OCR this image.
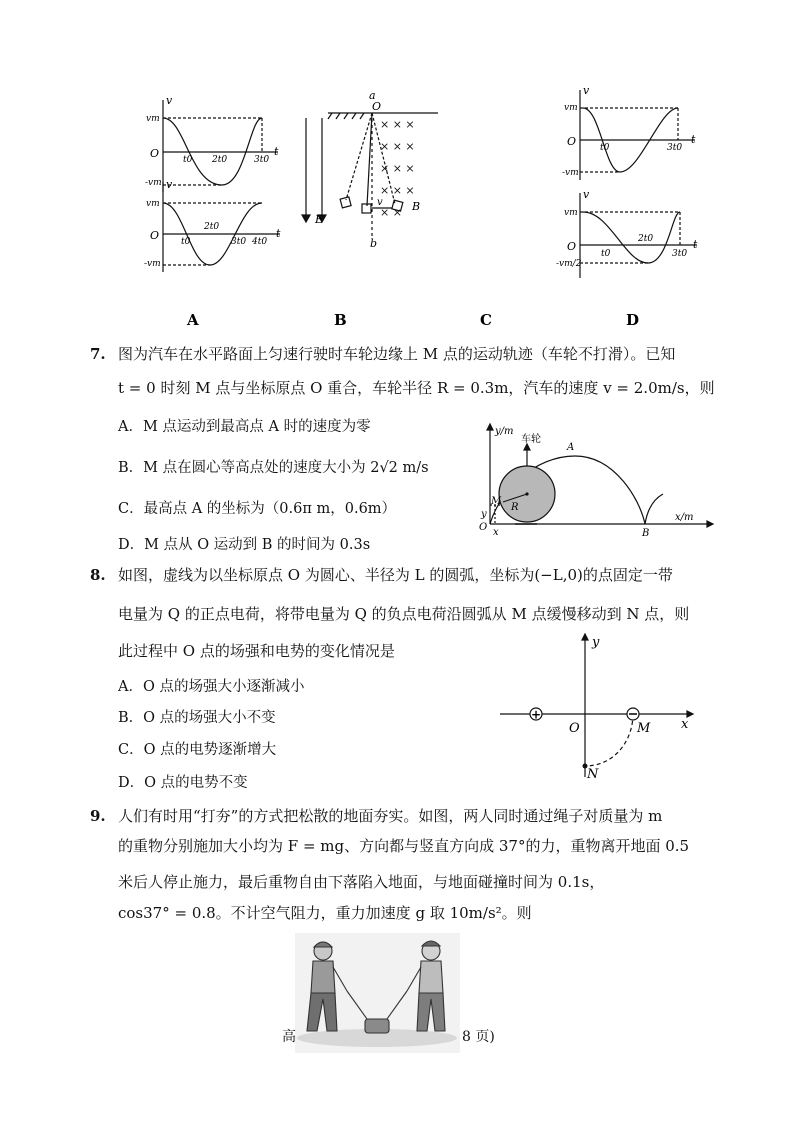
v
vm
O
-vm
t0 2t0	3t0
t
v
vm
O
-vm
t0
2t0
3t0 4t0
t
× × ×
× × ×
× × ×
× × ×
× ×
a
O
E
b
v	B
v
vm
O
-vm
t0	3t0
t
v
vm
O
-vm/2
t0
2t0
3t0
t
A	B	C	D
7. 图为汽车在水平路面上匀速行驶时车轮边缘上 M 点的运动轨迹（车轮不打滑）。已知
t = 0 时刻 M 点与坐标原点 O 重合，车轮半径 R = 0.3m，汽车的速度 v = 2.0m/s，则
A．M 点运动到最高点 A 时的速度为零
B．M 点在圆心等高点处的速度大小为 2√2 m/s
C．最高点 A 的坐标为（0.6π m，0.6m）
D．M 点从 O 运动到 B 的时间为 0.3s
y/m
车轮
A
M
R
y
O x	B
x/m
8. 如图，虚线为以坐标原点 O 为圆心、半径为 L 的圆弧，坐标为(−L,0)的点固定一带
电量为 Q 的正点电荷，将带电量为 Q 的负点电荷沿圆弧从 M 点缓慢移动到 N 点，则
此过程中 O 点的场强和电势的变化情况是
A．O 点的场强大小逐渐减小
B．O 点的场强大小不变
C．O 点的电势逐渐增大
D．O 点的电势不变
+
y
O	M x
N
9. 人们有时用“打夯”的方式把松散的地面夯实。如图，两人同时通过绳子对质量为 m
的重物分别施加大小均为 F = mg、方向都与竖直方向成 37°的力，重物离开地面 0.5
米后人停止施力，最后重物自由下落陷入地面，与地面碰撞时间为 0.1s，
cos37° = 0.8。不计空气阻力，重力加速度 g 取 10m/s²。则
高	8 页)
